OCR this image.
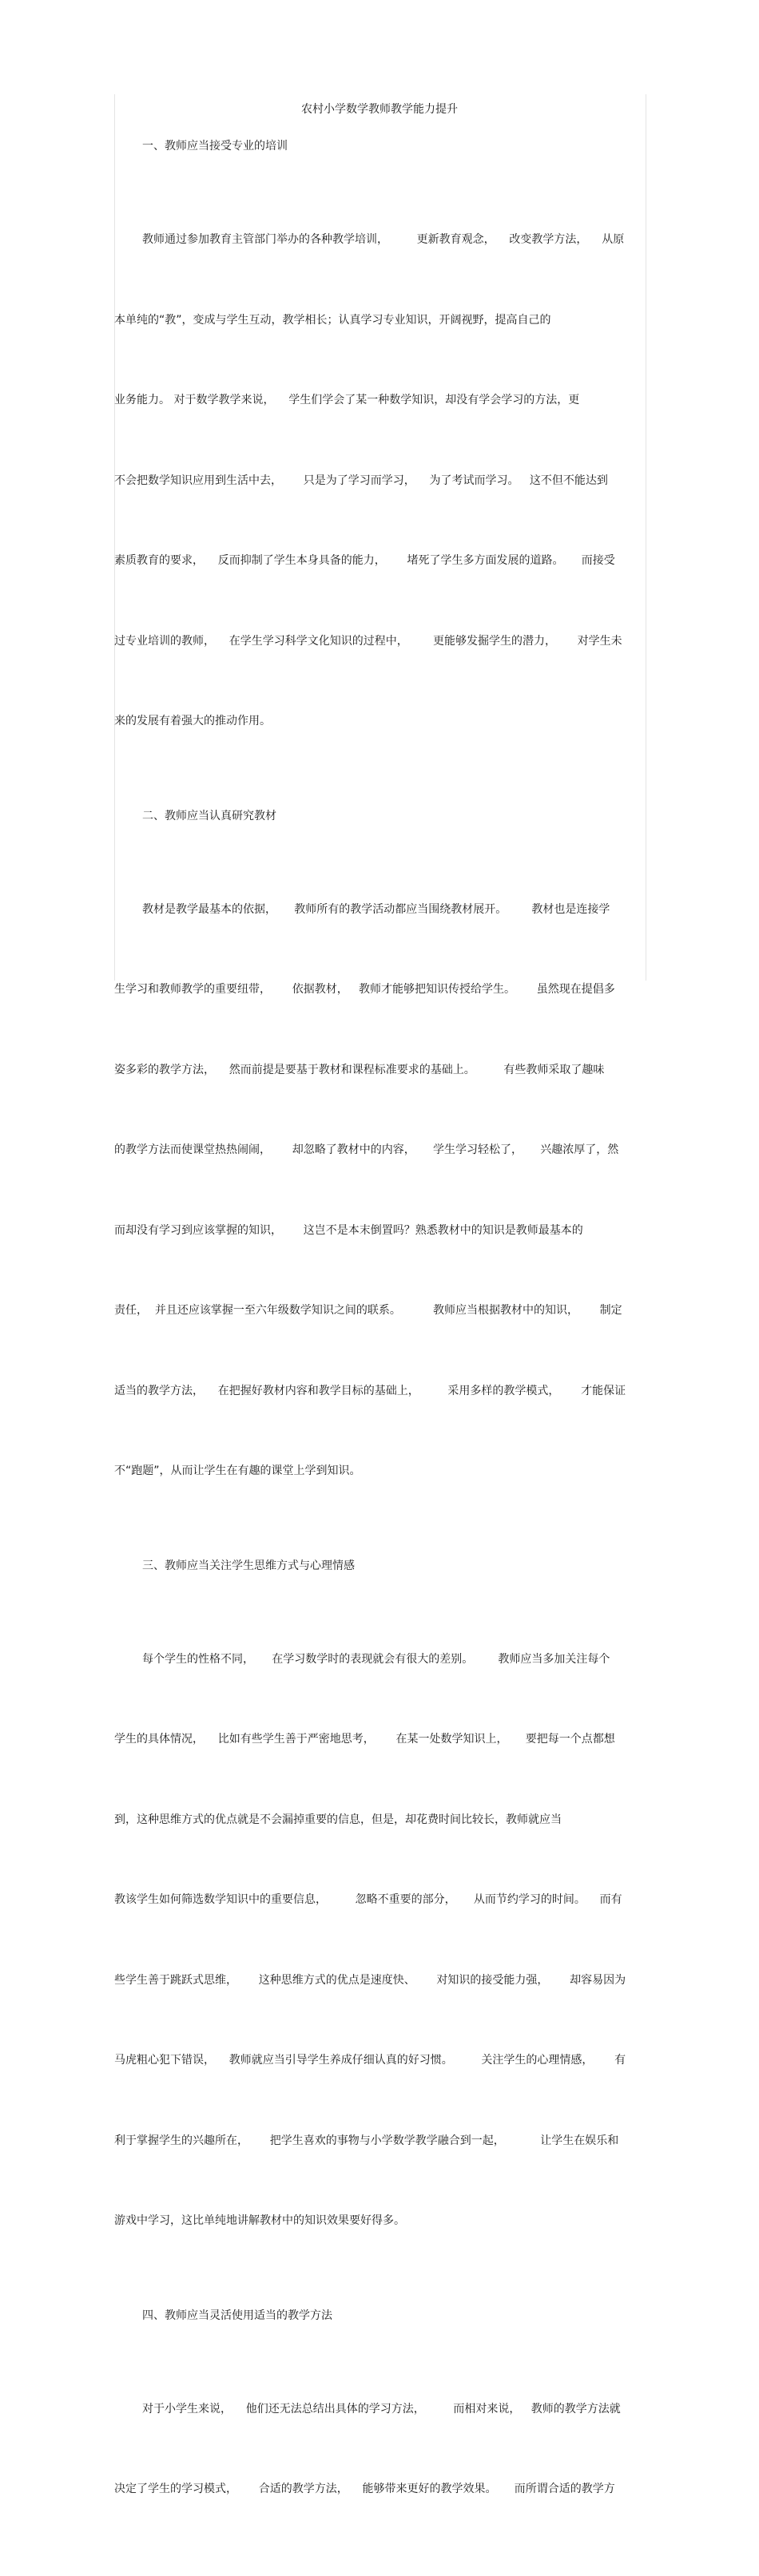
农村小学数学教师教学能力提升
一、教师应当接受专业的培训

教师通过参加教育主管部门举办的各种教学培训，        更新教育观念，    改变教学方法，    从原

本单纯的“教”，变成与学生互动，教学相长；认真学习专业知识，开阔视野，提高自己的

业务能力。 对于数学教学来说，    学生们学会了某一种数学知识，却没有学会学习的方法，更

不会把数学知识应用到生活中去，      只是为了学习而学习，    为了考试而学习。   这不但不能达到

素质教育的要求，    反而抑制了学生本身具备的能力，      堵死了学生多方面发展的道路。     而接受

过专业培训的教师，    在学生学习科学文化知识的过程中，       更能够发掘学生的潜力，      对学生未

来的发展有着强大的推动作用。

二、教师应当认真研究教材

教材是教学最基本的依据，     教师所有的教学活动都应当围绕教材展开。       教材也是连接学

生学习和教师教学的重要纽带，      依据教材，   教师才能够把知识传授给学生。      虽然现在提倡多

姿多彩的教学方法，    然而前提是要基于教材和课程标准要求的基础上。        有些教师采取了趣味

的教学方法而使课堂热热闹闹，      却忽略了教材中的内容，     学生学习轻松了，     兴趣浓厚了，然

而却没有学习到应该掌握的知识，      这岂不是本末倒置吗？熟悉教材中的知识是教师最基本的

责任，  并且还应该掌握一至六年级数学知识之间的联系。         教师应当根据教材中的知识，      制定

适当的教学方法，    在把握好教材内容和教学目标的基础上，        采用多样的教学模式，      才能保证

不“跑题”，从而让学生在有趣的课堂上学到知识。

三、教师应当关注学生思维方式与心理情感

每个学生的性格不同，     在学习数学时的表现就会有很大的差别。       教师应当多加关注每个

学生的具体情况，    比如有些学生善于严密地思考，      在某一处数学知识上，     要把每一个点都想

到，这种思维方式的优点就是不会漏掉重要的信息，但是，却花费时间比较长，教师就应当

教该学生如何筛选数学知识中的重要信息，        忽略不重要的部分，     从而节约学习的时间。    而有

些学生善于跳跃式思维，      这种思维方式的优点是速度快、      对知识的接受能力强，      却容易因为

马虎粗心犯下错误，    教师就应当引导学生养成仔细认真的好习惯。        关注学生的心理情感，      有

利于掌握学生的兴趣所在，      把学生喜欢的事物与小学数学教学融合到一起，          让学生在娱乐和

游戏中学习，这比单纯地讲解教材中的知识效果要好得多。

四、教师应当灵活使用适当的教学方法

对于小学生来说，    他们还无法总结出具体的学习方法，        而相对来说，   教师的教学方法就

决定了学生的学习模式，      合适的教学方法，    能够带来更好的教学效果。     而所谓合适的教学方
